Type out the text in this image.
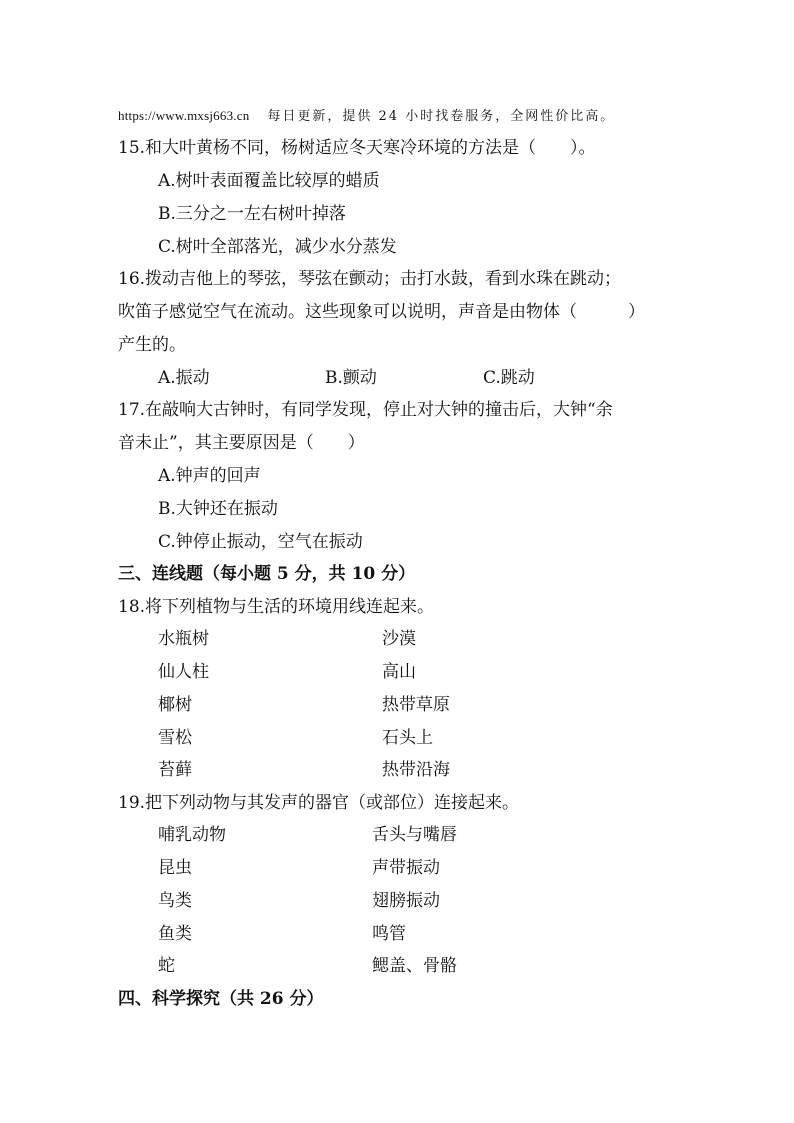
https://www.mxsj663.cn 每日更新，提供 24 小时找卷服务，全网性价比高。
15.和大叶黄杨不同，杨树适应冬天寒冷环境的方法是（　　）。
A.树叶表面覆盖比较厚的蜡质
B.三分之一左右树叶掉落
C.树叶全部落光，减少水分蒸发
16.拨动吉他上的琴弦，琴弦在颤动；击打水鼓，看到水珠在跳动；
吹笛子感觉空气在流动。这些现象可以说明，声音是由物体（　　　）
产生的。
A.振动	B.颤动	C.跳动
17.在敲响大古钟时，有同学发现，停止对大钟的撞击后，大钟“余
音未止”，其主要原因是（　　）
A.钟声的回声
B.大钟还在振动
C.钟停止振动，空气在振动
三、连线题（每小题 5 分，共 10 分）
18.将下列植物与生活的环境用线连起来。
水瓶树	沙漠
仙人柱	高山
椰树	热带草原
雪松	石头上
苔藓	热带沿海
19.把下列动物与其发声的器官（或部位）连接起来。
哺乳动物	舌头与嘴唇
昆虫	声带振动
鸟类	翅膀振动
鱼类	鸣管
蛇	鳃盖、骨骼
四、科学探究（共 26 分）
